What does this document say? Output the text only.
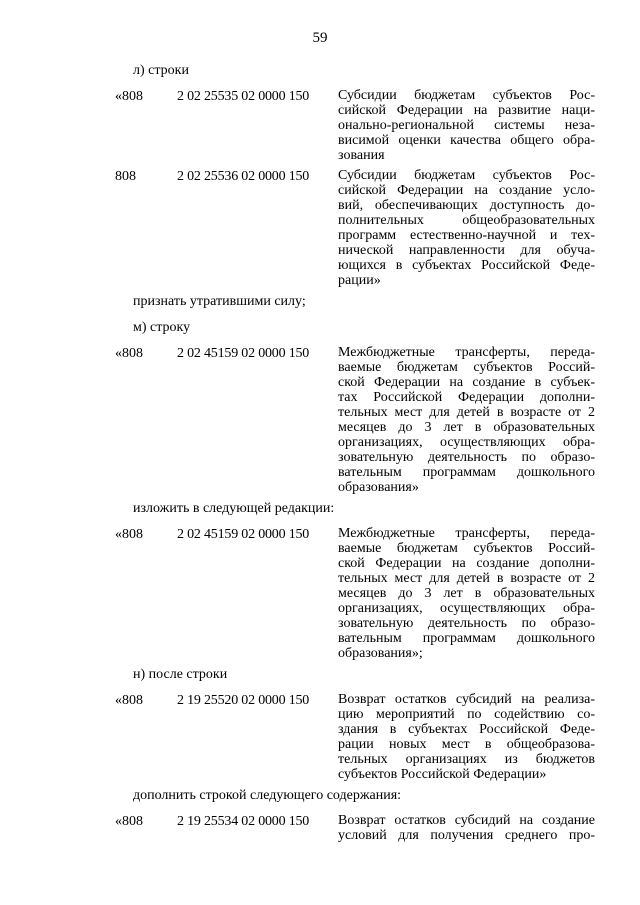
59
л) строки
«808	2 02 25535 02 0000 150	Субсидии бюджетам субъектов Рос-
сийской Федерации на развитие наци-
онально-региональной системы неза-
висимой оценки качества общего обра-
зования
808	2 02 25536 02 0000 150	Субсидии бюджетам субъектов Рос-
сийской Федерации на создание усло-
вий, обеспечивающих доступность до-
полнительных общеобразовательных
программ естественно-научной и тех-
нической направленности для обуча-
ющихся в субъектах Российской Феде-
рации»
признать утратившими силу;
м) строку
«808	2 02 45159 02 0000 150	Межбюджетные трансферты, переда-
ваемые бюджетам субъектов Россий-
ской Федерации на создание в субъек-
тах Российской Федерации дополни-
тельных мест для детей в возрасте от 2
месяцев до 3 лет в образовательных
организациях, осуществляющих обра-
зовательную деятельность по образо-
вательным программам дошкольного
образования»
изложить в следующей редакции:
«808	2 02 45159 02 0000 150	Межбюджетные трансферты, переда-
ваемые бюджетам субъектов Россий-
ской Федерации на создание дополни-
тельных мест для детей в возрасте от 2
месяцев до 3 лет в образовательных
организациях, осуществляющих обра-
зовательную деятельность по образо-
вательным программам дошкольного
образования»;
н) после строки
«808	2 19 25520 02 0000 150	Возврат остатков субсидий на реализа-
цию мероприятий по содействию со-
здания в субъектах Российской Феде-
рации новых мест в общеобразова-
тельных организациях из бюджетов
субъектов Российской Федерации»
дополнить строкой следующего содержания:
«808	2 19 25534 02 0000 150	Возврат остатков субсидий на создание
условий для получения среднего про-
